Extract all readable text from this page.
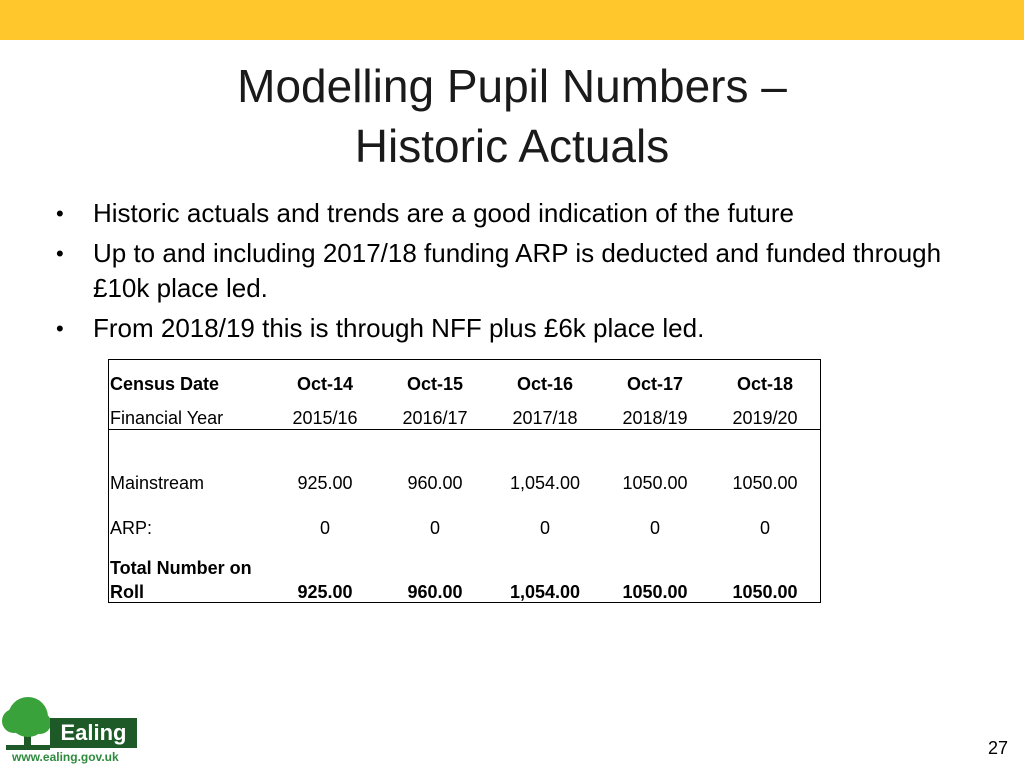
Modelling Pupil Numbers –
Historic Actuals
• Historic actuals and trends are a good indication of the future
• Up to and including 2017/18 funding ARP is deducted and funded through £10k place led.
• From 2018/19 this is through NFF plus £6k place led.
Census Date	Oct-14	Oct-15	Oct-16	Oct-17	Oct-18
Financial Year	2015/16	2016/17	2017/18	2018/19	2019/20
Mainstream	925.00	960.00	1,054.00	1050.00	1050.00
ARP:	0	0	0	0	0
Total Number on
Roll	925.00	960.00	1,054.00	1050.00	1050.00
Ealing
www.ealing.gov.uk	27
